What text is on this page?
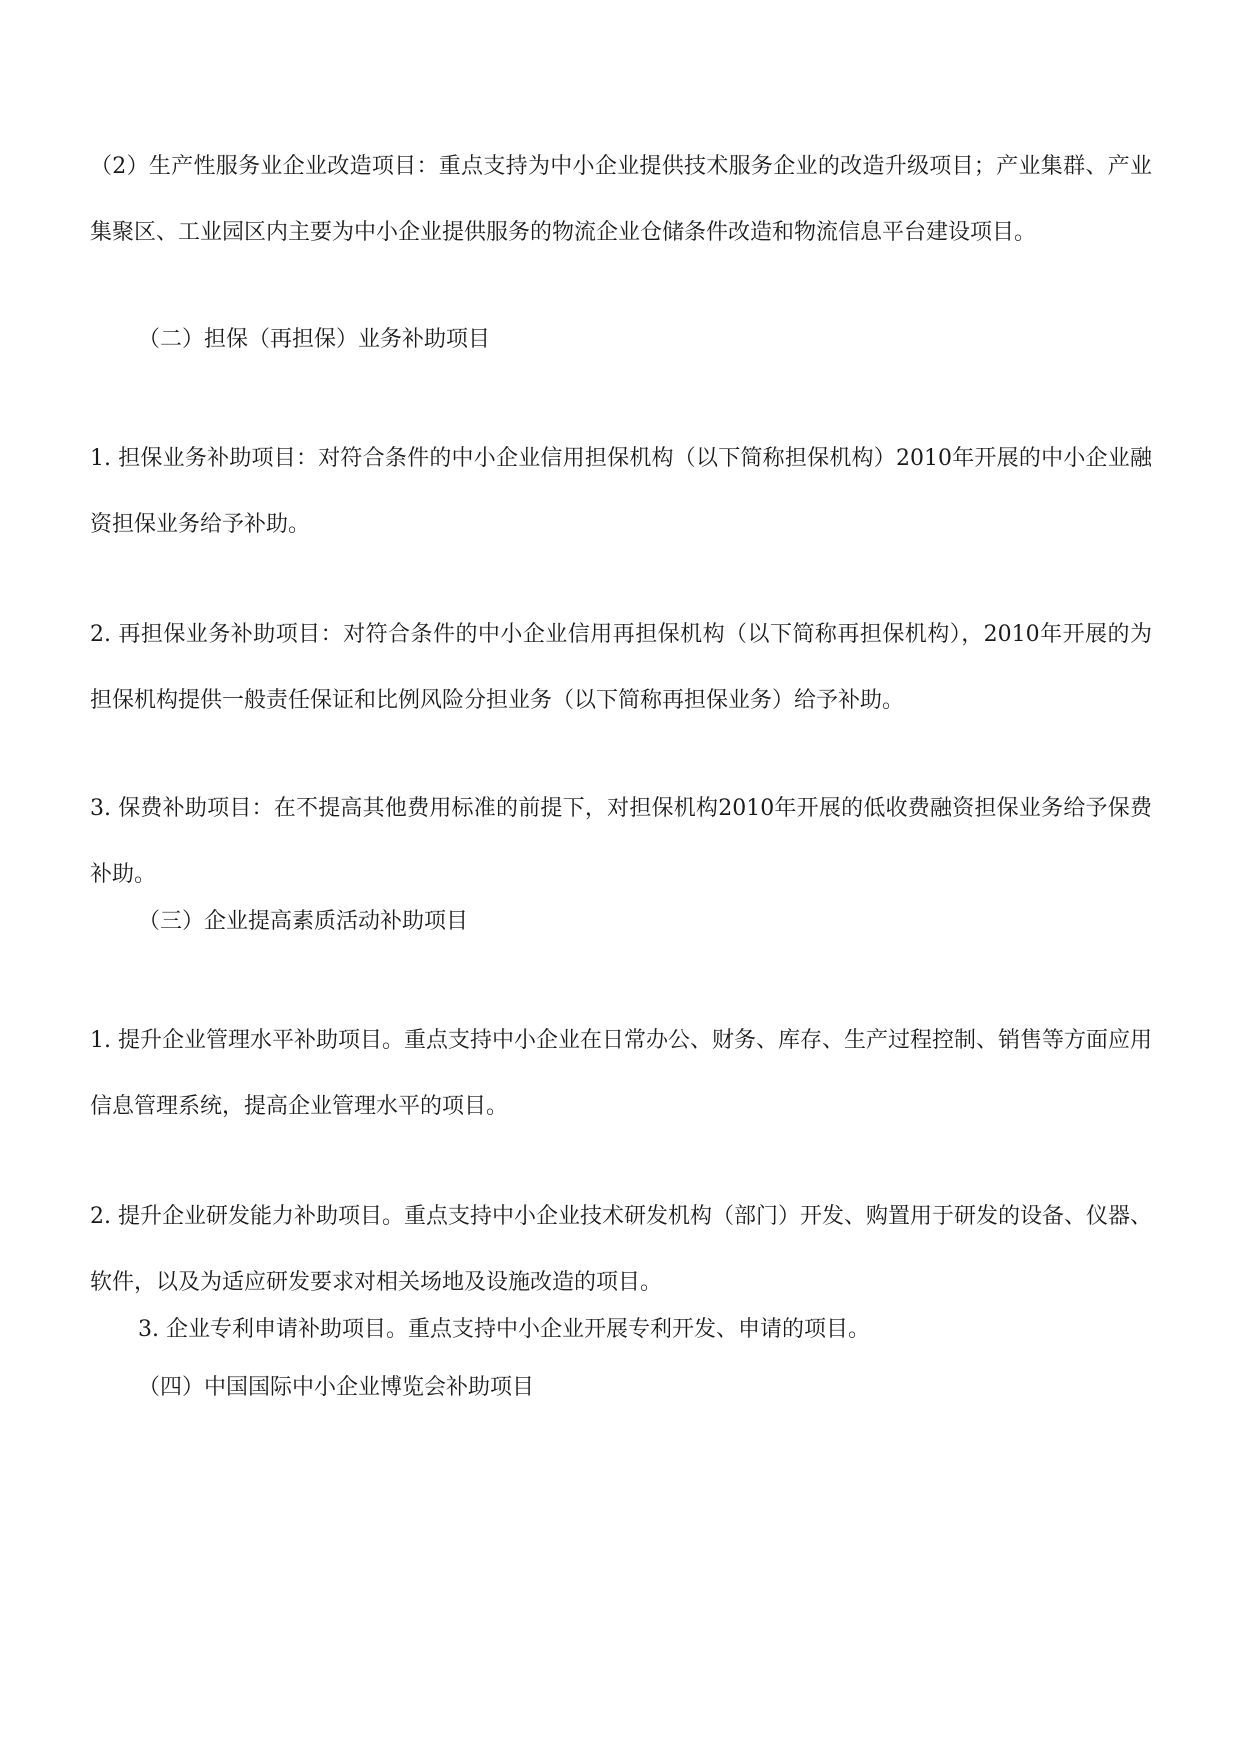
（2）生产性服务业企业改造项目：重点支持为中小企业提供技术服务企业的改造升级项目；产业集群、产业集聚区、工业园区内主要为中小企业提供服务的物流企业仓储条件改造和物流信息平台建设项目。

（二）担保（再担保）业务补助项目

1. 担保业务补助项目：对符合条件的中小企业信用担保机构（以下简称担保机构）2010年开展的中小企业融资担保业务给予补助。

2. 再担保业务补助项目：对符合条件的中小企业信用再担保机构（以下简称再担保机构），2010年开展的为担保机构提供一般责任保证和比例风险分担业务（以下简称再担保业务）给予补助。

3. 保费补助项目：在不提高其他费用标准的前提下，对担保机构2010年开展的低收费融资担保业务给予保费补助。

（三）企业提高素质活动补助项目

1. 提升企业管理水平补助项目。重点支持中小企业在日常办公、财务、库存、生产过程控制、销售等方面应用信息管理系统，提高企业管理水平的项目。

2. 提升企业研发能力补助项目。重点支持中小企业技术研发机构（部门）开发、购置用于研发的设备、仪器、软件，以及为适应研发要求对相关场地及设施改造的项目。

3. 企业专利申请补助项目。重点支持中小企业开展专利开发、申请的项目。

（四）中国国际中小企业博览会补助项目
